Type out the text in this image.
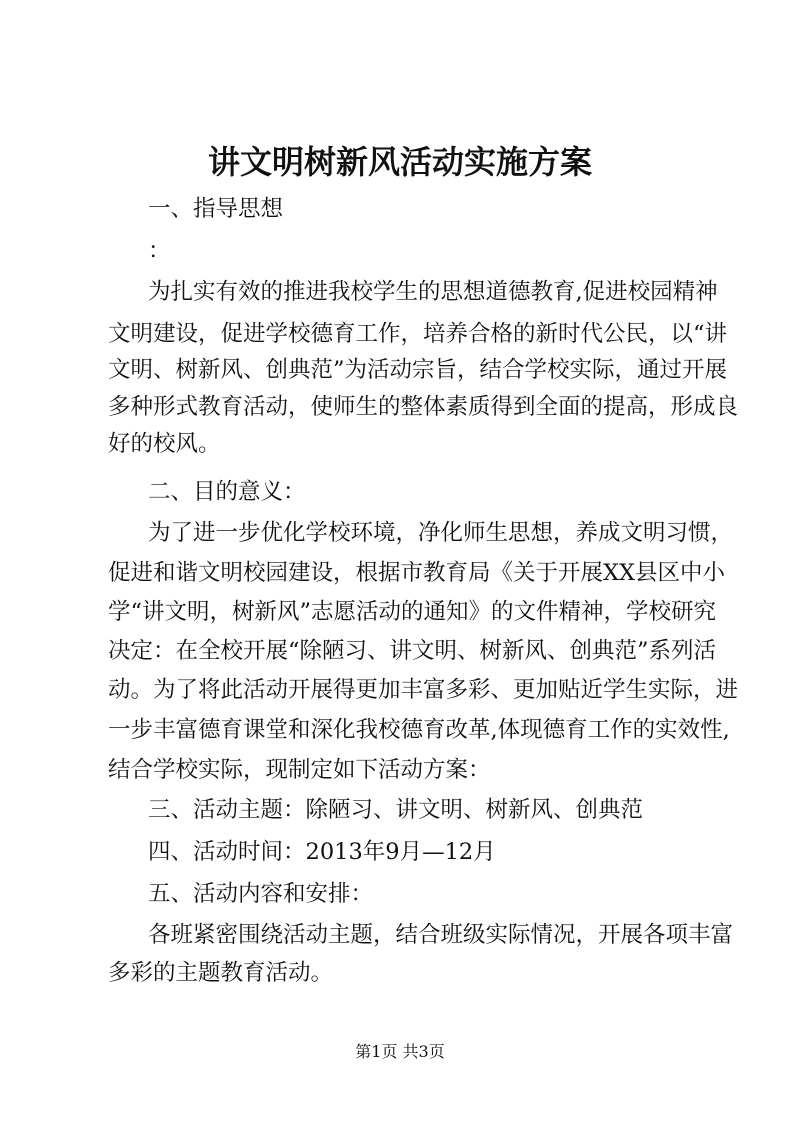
讲文明树新风活动实施方案
一、指导思想
：
为扎实有效的推进我校学生的思想道德教育,促进校园精神
文明建设，促进学校德育工作，培养合格的新时代公民，以“讲
文明、树新风、创典范”为活动宗旨，结合学校实际，通过开展
多种形式教育活动，使师生的整体素质得到全面的提高，形成良
好的校风。
二、目的意义：
为了进一步优化学校环境，净化师生思想，养成文明习惯，
促进和谐文明校园建设，根据市教育局《关于开展XX县区中小
学“讲文明，树新风”志愿活动的通知》的文件精神，学校研究
决定：在全校开展“除陋习、讲文明、树新风、创典范”系列活
动。为了将此活动开展得更加丰富多彩、更加贴近学生实际，进
一步丰富德育课堂和深化我校德育改革,体现德育工作的实效性,
结合学校实际，现制定如下活动方案：
三、活动主题：除陋习、讲文明、树新风、创典范
四、活动时间：2013年9月—12月
五、活动内容和安排：
各班紧密围绕活动主题，结合班级实际情况，开展各项丰富
多彩的主题教育活动。
第1页 共3页
